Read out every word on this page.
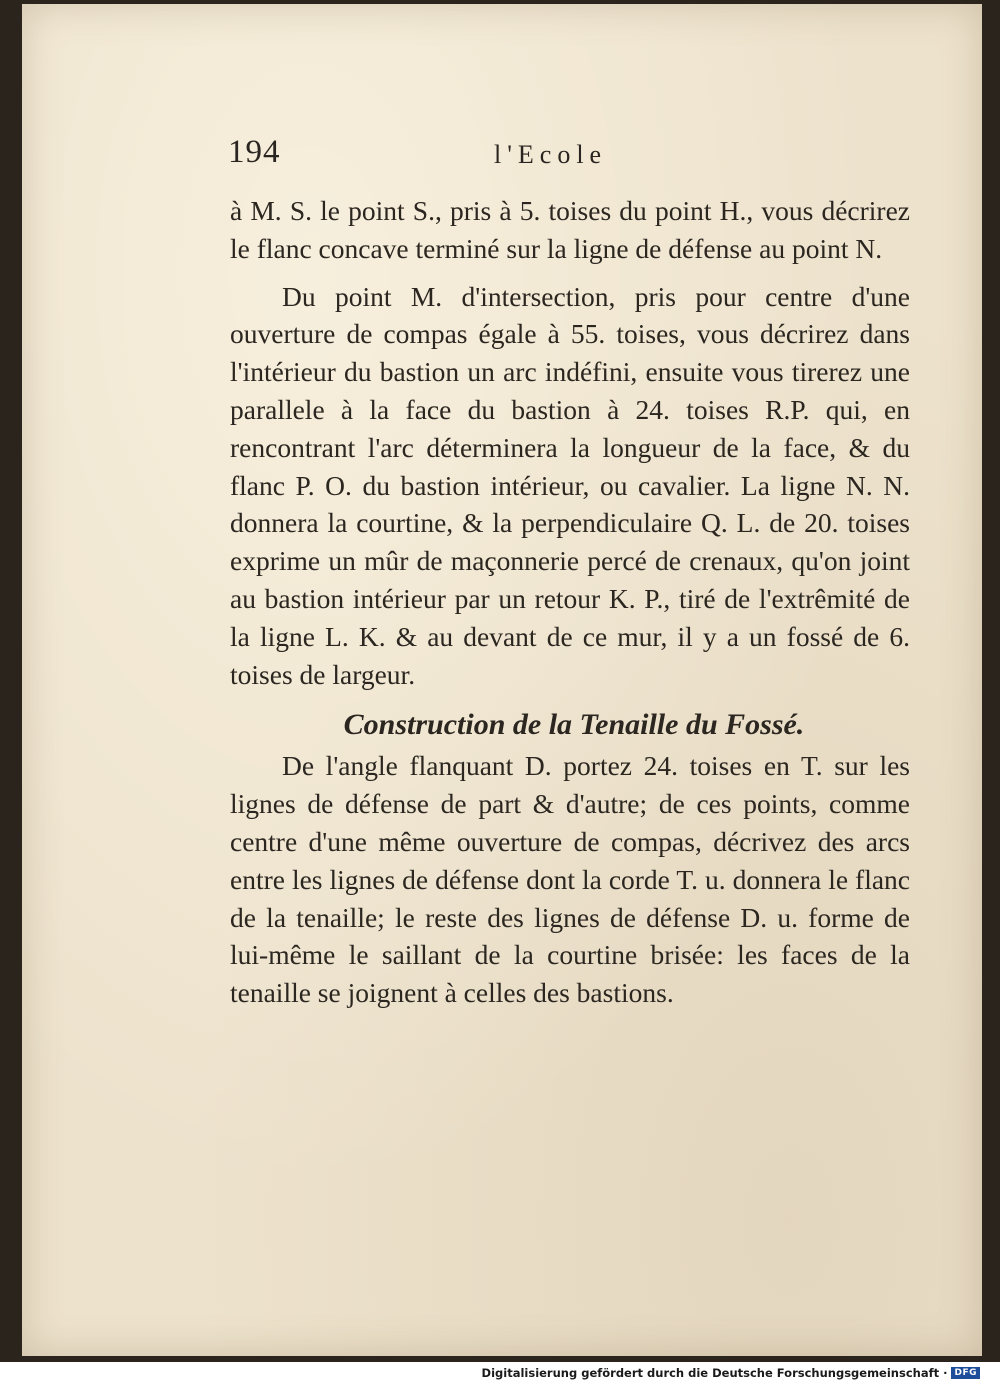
194	l'Ecole

à M. S. le point S., pris à 5. toises du point H., vous décrirez le flanc concave terminé sur la ligne de défense au point N.

Du point M. d'intersection, pris pour centre d'une ouverture de compas égale à 55. toises, vous décrirez dans l'intérieur du bastion un arc indéfini, ensuite vous tirerez une parallele à la face du bastion à 24. toises R.P. qui, en rencontrant l'arc déterminera la longueur de la face, & du flanc P. O. du bastion intérieur, ou cavalier. La ligne N. N. donnera la courtine, & la perpendiculaire Q. L. de 20. toises exprime un mûr de maçonnerie percé de crenaux, qu'on joint au bastion intérieur par un retour K. P., tiré de l'extrêmité de la ligne L. K. & au devant de ce mur, il y a un fossé de 6. toises de largeur.

Construction de la Tenaille du Fossé.

De l'angle flanquant D. portez 24. toises en T. sur les lignes de défense de part & d'autre; de ces points, comme centre d'une même ouverture de compas, décrivez des arcs entre les lignes de défense dont la corde T. u. donnera le flanc de la tenaille; le reste des lignes de défense D. u. forme de lui-même le saillant de la courtine brisée: les faces de la tenaille se joignent à celles des bastions.

Digitalisierung gefördert durch die Deutsche Forschungsgemeinschaft · DFG
